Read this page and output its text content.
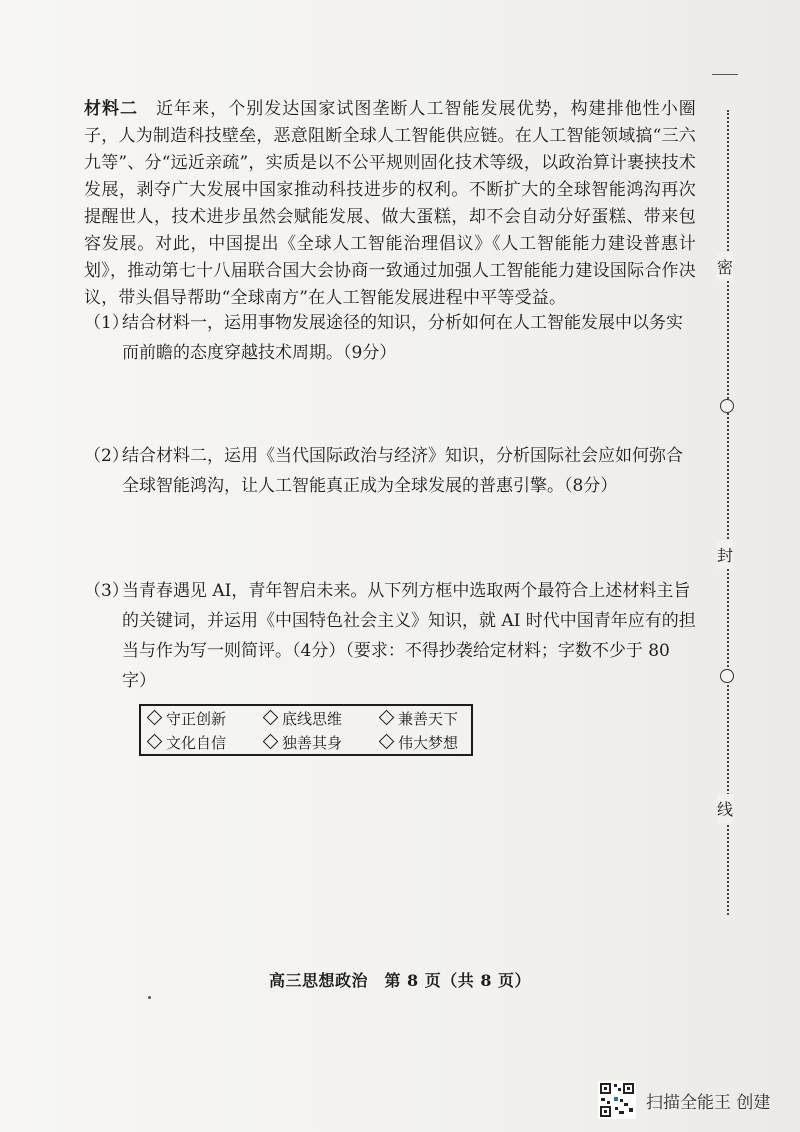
密
封
线
材料二　 近年来，个别发达国家试图垄断人工智能发展优势，构建排他性小圈子，人为制造科技壁垒，恶意阻断全球人工智能供应链。在人工智能领域搞“三六九等”、分“远近亲疏”，实质是以不公平规则固化技术等级，以政治算计裹挟技术发展，剥夺广大发展中国家推动科技进步的权利。不断扩大的全球智能鸿沟再次提醒世人，技术进步虽然会赋能发展、做大蛋糕，却不会自动分好蛋糕、带来包容发展。对此，中国提出《全球人工智能治理倡议》《人工智能能力建设普惠计划》，推动第七十八届联合国大会协商一致通过加强人工智能能力建设国际合作决议，带头倡导帮助“全球南方”在人工智能发展进程中平等受益。
（1）
结合材料一，运用事物发展途径的知识，分析如何在人工智能发展中以务实而前瞻的态度穿越技术周期。（9分）
（2）
结合材料二，运用《当代国际政治与经济》知识，分析国际社会应如何弥合全球智能鸿沟，让人工智能真正成为全球发展的普惠引擎。（8分）
（3）
当青春遇见 AI，青年智启未来。从下列方框中选取两个最符合上述材料主旨的关键词，并运用《中国特色社会主义》知识，就 AI 时代中国青年应有的担当与作为写一则简评。（4分）（要求：不得抄袭给定材料；字数不少于 80 字）
守正创新	底线思维	兼善天下
文化自信	独善其身	伟大梦想
高三思想政治　第 8 页（共 8 页）
扫描全能王 创建
